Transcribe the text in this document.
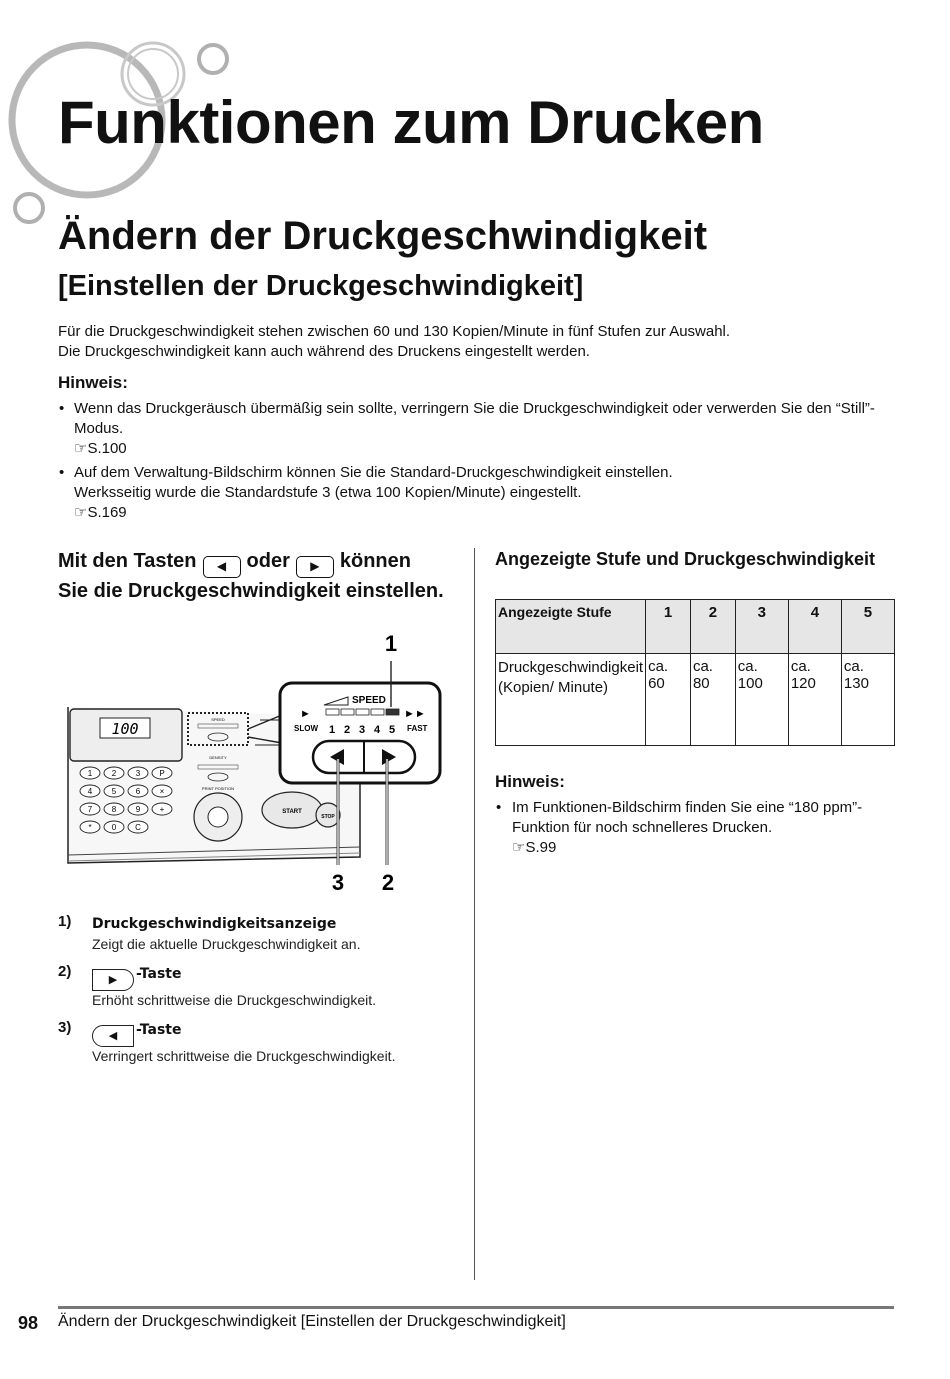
Funktionen zum Drucken
Ändern der Druckgeschwindigkeit
[Einstellen der Druckgeschwindigkeit]
Für die Druckgeschwindigkeit stehen zwischen 60 und 130 Kopien/Minute in fünf Stufen zur Auswahl.
Die Druckgeschwindigkeit kann auch während des Druckens eingestellt werden.
Hinweis:
• Wenn das Druckgeräusch übermäßig sein sollte, verringern Sie die Druckgeschwindigkeit oder verwerden Sie den “Still”-Modus.
☞S.100
• Auf dem Verwaltung-Bildschirm können Sie die Standard-Druckgeschwindigkeit einstellen.
Werksseitig wurde die Standardstufe 3 (etwa 100 Kopien/Minute) eingestellt.
☞S.169
Mit den Tasten ◀ oder ▶ können
Sie die Druckgeschwindigkeit einstellen.
100
1 2 3 P
4 5 6 ×
7 8 9 +
*	0 C
SPEED
DENSITY
PRINT POSITION
START
STOP
SPEED
►	►►
SLOW 1 2 3 4 5 FAST
1
3 2
1) Druckgeschwindigkeitsanzeige
Zeigt die aktuelle Druckgeschwindigkeit an.
2)	▶ -Taste
Erhöht schrittweise die Druckgeschwindigkeit.
3)	◀ -Taste
Verringert schrittweise die Druckgeschwindigkeit.
Angezeigte Stufe und Druckgeschwindigkeit
Angezeigte Stufe	1	2	3	4	5
Druckgeschwindigkeit (Kopien/ Minute)	ca. 60	ca. 80	ca. 100	ca. 120	ca. 130
Hinweis:
• Im Funktionen-Bildschirm finden Sie eine “180 ppm”-Funktion für noch schnelleres Drucken.
☞S.99
98 Ändern der Druckgeschwindigkeit [Einstellen der Druckgeschwindigkeit]
